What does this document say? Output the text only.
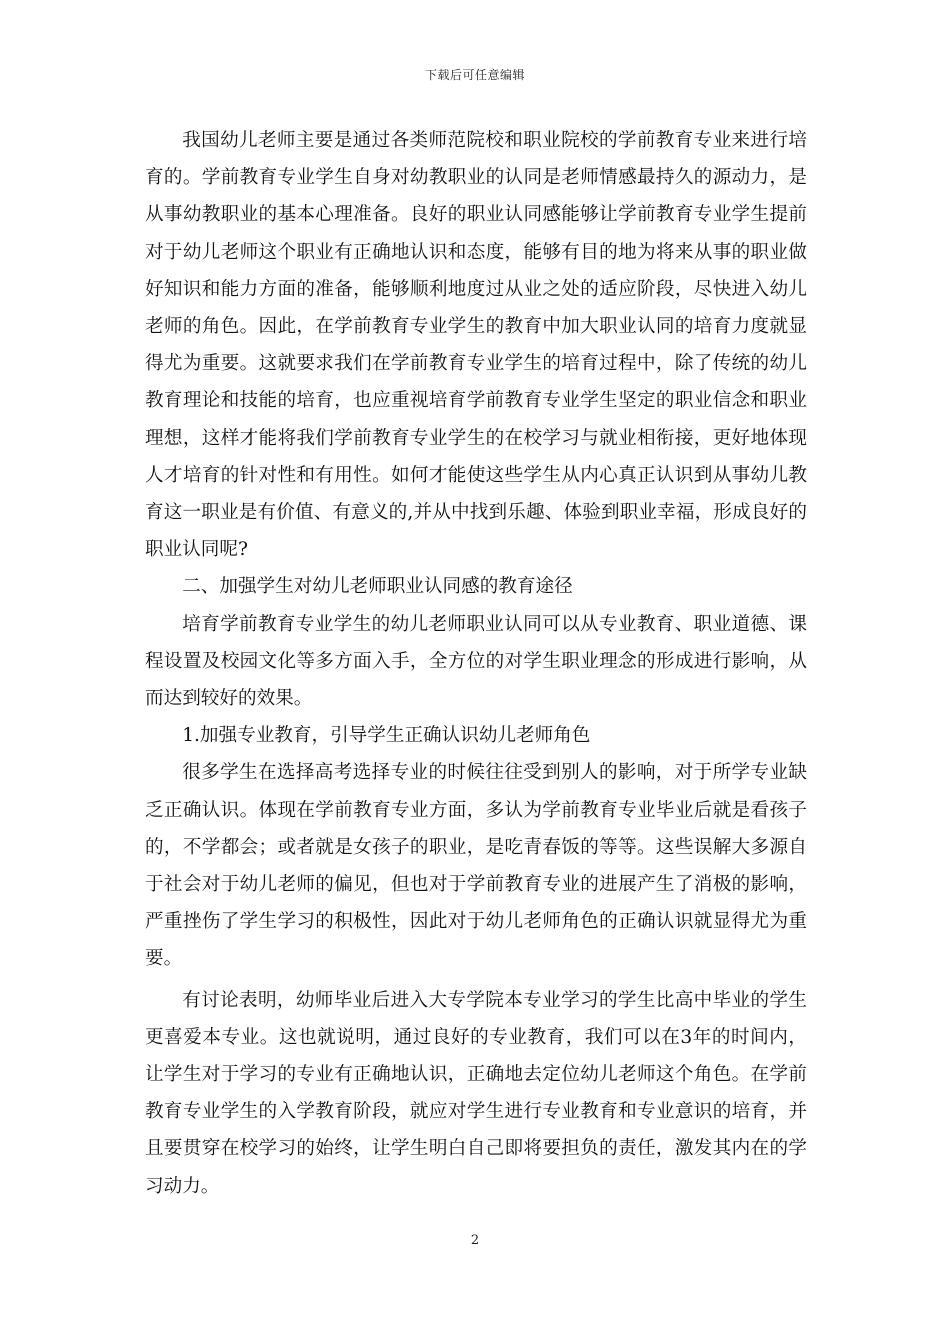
下载后可任意编辑

我国幼儿老师主要是通过各类师范院校和职业院校的学前教育专业来进行培育的。学前教育专业学生自身对幼教职业的认同是老师情感最持久的源动力，是从事幼教职业的基本心理准备。良好的职业认同感能够让学前教育专业学生提前对于幼儿老师这个职业有正确地认识和态度，能够有目的地为将来从事的职业做好知识和能力方面的准备，能够顺利地度过从业之处的适应阶段，尽快进入幼儿老师的角色。因此，在学前教育专业学生的教育中加大职业认同的培育力度就显得尤为重要。这就要求我们在学前教育专业学生的培育过程中，除了传统的幼儿教育理论和技能的培育，也应重视培育学前教育专业学生坚定的职业信念和职业理想，这样才能将我们学前教育专业学生的在校学习与就业相衔接，更好地体现人才培育的针对性和有用性。如何才能使这些学生从内心真正认识到从事幼儿教育这一职业是有价值、有意义的,并从中找到乐趣、体验到职业幸福，形成良好的职业认同呢?

二、加强学生对幼儿老师职业认同感的教育途径

培育学前教育专业学生的幼儿老师职业认同可以从专业教育、职业道德、课程设置及校园文化等多方面入手，全方位的对学生职业理念的形成进行影响，从而达到较好的效果。

1.加强专业教育，引导学生正确认识幼儿老师角色

很多学生在选择高考选择专业的时候往往受到别人的影响，对于所学专业缺乏正确认识。体现在学前教育专业方面，多认为学前教育专业毕业后就是看孩子的，不学都会；或者就是女孩子的职业，是吃青春饭的等等。这些误解大多源自于社会对于幼儿老师的偏见，但也对于学前教育专业的进展产生了消极的影响，严重挫伤了学生学习的积极性，因此对于幼儿老师角色的正确认识就显得尤为重要。

有讨论表明，幼师毕业后进入大专学院本专业学习的学生比高中毕业的学生更喜爱本专业。这也就说明，通过良好的专业教育，我们可以在3年的时间内，让学生对于学习的专业有正确地认识，正确地去定位幼儿老师这个角色。在学前教育专业学生的入学教育阶段，就应对学生进行专业教育和专业意识的培育，并且要贯穿在校学习的始终，让学生明白自己即将要担负的责任，激发其内在的学习动力。

2
